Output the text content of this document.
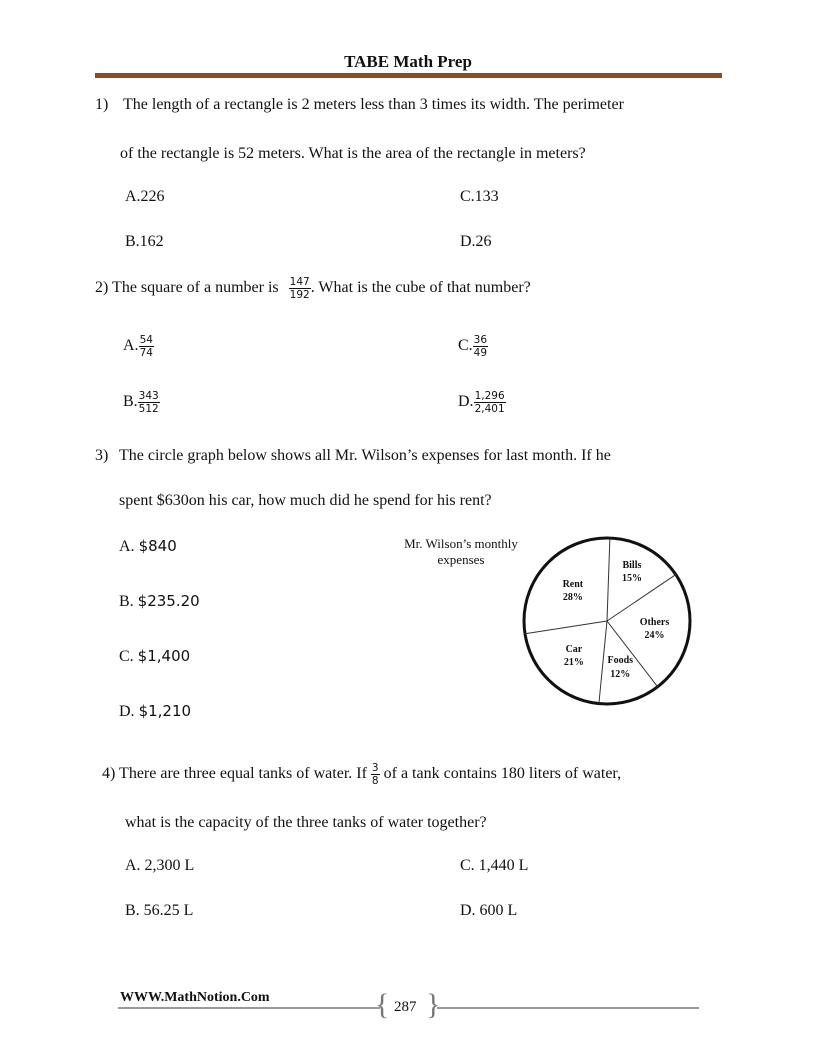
TABE Math Prep
1) The length of a rectangle is 2 meters less than 3 times its width. The perimeter
of the rectangle is 52 meters. What is the area of the rectangle in meters?
A.226	C.133
B.162	D.26
2) The square of a number is $\frac{147}{192}$ . What is the cube of that number?
A. $\frac{54}{74}$	C. $\frac{36}{49}$
B. $\frac{343}{512}$	D. $\frac{1,296}{2,401}$
3) The circle graph below shows all Mr. Wilson’s expenses for last month. If he
spent $630on his car, how much did he spend for his rent?
A. $840
B. $235.20
C. $1,400
D. $1,210
Mr. Wilson’s monthly
expenses	Bills
15%
Others
24%
Foods
12%
Car
21%
Rent
28%
4) There are three equal tanks of water. If $\frac{3}{8}$ of a tank contains 180 liters of water,
what is the capacity of the three tanks of water together?
A. 2,300 L	C. 1,440 L
B. 56.25 L	D. 600 L
WWW.MathNotion.Com	{ }
287
